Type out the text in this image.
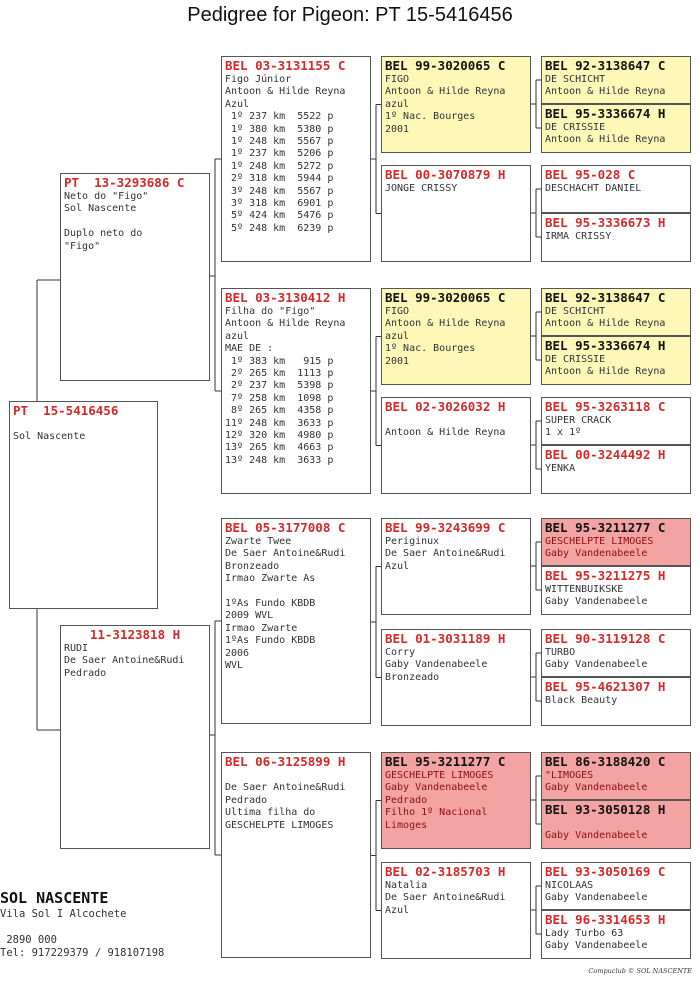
Pedigree for Pigeon: PT 15-5416456
PT  15-5416456
Sol Nascente
PT  13-3293686 C
Neto do "Figo"
Sol Nascente
Duplo neto do
"Figo"
11-3123818 H
RUDI
De Saer Antoine&Rudi
Pedrado
BEL 03-3131155 C
Figo Júnior
Antoon & Hilde Reyna
Azul
1º 237 km  5522 p
1º 380 km  5380 p
1º 248 km  5567 p
1º 237 km  5206 p
1º 248 km  5272 p
2º 318 km  5944 p
3º 248 km  5567 p
3º 318 km  6901 p
5º 424 km  5476 p
5º 248 km  6239 p
BEL 03-3130412 H
Filha do "Figo"
Antoon & Hilde Reyna
azul
MAE DE :
1º 383 km   915 p
2º 265 km  1113 p
2º 237 km  5398 p
7º 258 km  1098 p
8º 265 km  4358 p
11º 248 km  3633 p
12º 320 km  4980 p
13º 265 km  4663 p
13º 248 km  3633 p
BEL 05-3177008 C
Zwarte Twee
De Saer Antoine&Rudi
Bronzeado
Irmao Zwarte As
1ºAs Fundo KBDB
2009 WVL
Irmao Zwarte
1ºAs Fundo KBDB
2006
WVL
BEL 06-3125899 H
De Saer Antoine&Rudi
Pedrado
Ultima filha do
GESCHELPTE LIMOGES
BEL 99-3020065 C
FIGO
Antoon & Hilde Reyna
azul
1º Nac. Bourges
2001
BEL 00-3070879 H
JONGE CRISSY
BEL 99-3020065 C
FIGO
Antoon & Hilde Reyna
azul
1º Nac. Bourges
2001
BEL 02-3026032 H
Antoon & Hilde Reyna
BEL 99-3243699 C
Periginux
De Saer Antoine&Rudi
Azul
BEL 01-3031189 H
Corry
Gaby Vandenabeele
Bronzeado
BEL 95-3211277 C
GESCHELPTE LIMOGES
Gaby Vandenabeele
Pedrado
Filho 1º Nacional
Limoges
BEL 02-3185703 H
Natalia
De Saer Antoine&Rudi
Azul
BEL 92-3138647 C
DE SCHICHT
Antoon & Hilde Reyna
BEL 95-3336674 H
DE CRISSIE
Antoon & Hilde Reyna
BEL 95-028 C
DESCHACHT DANIEL
BEL 95-3336673 H
IRMA CRISSY
BEL 92-3138647 C
DE SCHICHT
Antoon & Hilde Reyna
BEL 95-3336674 H
DE CRISSIE
Antoon & Hilde Reyna
BEL 95-3263118 C
SUPER CRACK
1 x 1º
BEL 00-3244492 H
YENKA
BEL 95-3211277 C
GESCHELPTE LIMOGES
Gaby Vandenabeele
BEL 95-3211275 H
WITTENBUIKSKE
Gaby Vandenabeele
BEL 90-3119128 C
TURBO
Gaby Vandenabeele
BEL 95-4621307 H
Black Beauty
BEL 86-3188420 C
"LIMOGES
Gaby Vandenabeele
BEL 93-3050128 H
Gaby Vandenabeele
BEL 93-3050169 C
NICOLAAS
Gaby Vandenabeele
BEL 96-3314653 H
Lady Turbo 63
Gaby Vandenabeele
SOL NASCENTE
Vila Sol I Alcochete
2890 000
Tel: 917229379 / 918107198
Compuclub © SOL NASCENTE
